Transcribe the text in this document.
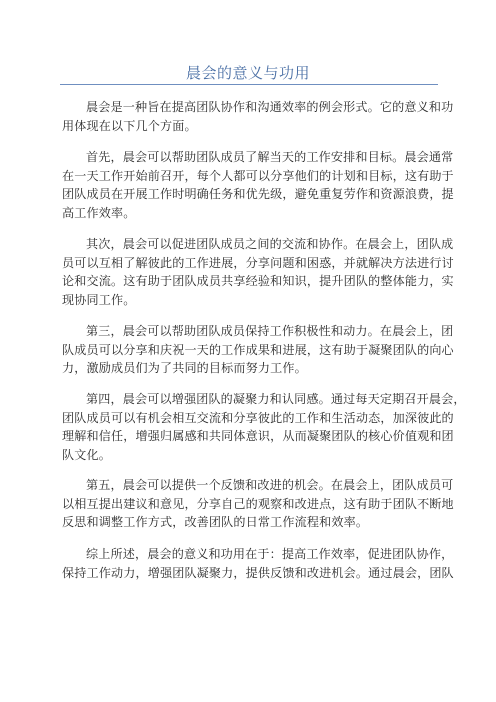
晨会的意义与功用
晨会是一种旨在提高团队协作和沟通效率的例会形式。它的意义和功
用体现在以下几个方面。
首先，晨会可以帮助团队成员了解当天的工作安排和目标。晨会通常
在一天工作开始前召开，每个人都可以分享他们的计划和目标，这有助于
团队成员在开展工作时明确任务和优先级，避免重复劳作和资源浪费，提
高工作效率。
其次，晨会可以促进团队成员之间的交流和协作。在晨会上，团队成
员可以互相了解彼此的工作进展，分享问题和困惑，并就解决方法进行讨
论和交流。这有助于团队成员共享经验和知识，提升团队的整体能力，实
现协同工作。
第三，晨会可以帮助团队成员保持工作积极性和动力。在晨会上，团
队成员可以分享和庆祝一天的工作成果和进展，这有助于凝聚团队的向心
力，激励成员们为了共同的目标而努力工作。
第四，晨会可以增强团队的凝聚力和认同感。通过每天定期召开晨会，
团队成员可以有机会相互交流和分享彼此的工作和生活动态，加深彼此的
理解和信任，增强归属感和共同体意识，从而凝聚团队的核心价值观和团
队文化。
第五，晨会可以提供一个反馈和改进的机会。在晨会上，团队成员可
以相互提出建议和意见，分享自己的观察和改进点，这有助于团队不断地
反思和调整工作方式，改善团队的日常工作流程和效率。
综上所述，晨会的意义和功用在于：提高工作效率，促进团队协作，
保持工作动力，增强团队凝聚力，提供反馈和改进机会。通过晨会，团队
